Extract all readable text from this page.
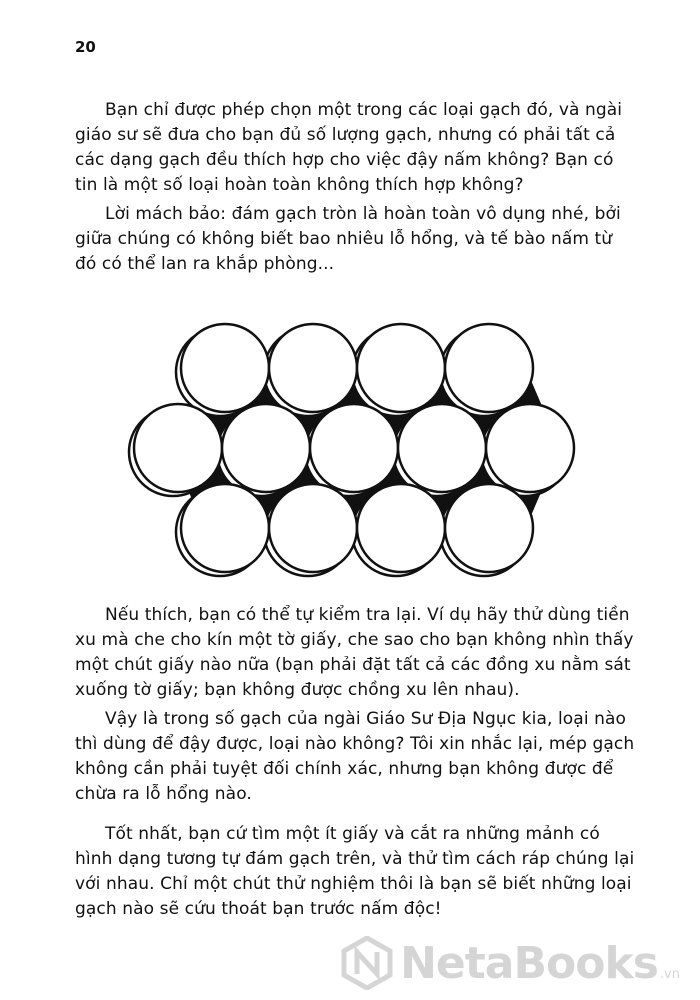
20

Bạn chỉ được phép chọn một trong các loại gạch đó, và ngài giáo sư sẽ đưa cho bạn đủ số lượng gạch, nhưng có phải tất cả các dạng gạch đều thích hợp cho việc đậy nấm không? Bạn có tin là một số loại hoàn toàn không thích hợp không?

Lời mách bảo: đám gạch tròn là hoàn toàn vô dụng nhé, bởi giữa chúng có không biết bao nhiêu lỗ hổng, và tế bào nấm từ đó có thể lan ra khắp phòng...

Nếu thích, bạn có thể tự kiểm tra lại. Ví dụ hãy thử dùng tiền xu mà che cho kín một tờ giấy, che sao cho bạn không nhìn thấy một chút giấy nào nữa (bạn phải đặt tất cả các đồng xu nằm sát xuống tờ giấy; bạn không được chồng xu lên nhau).

Vậy là trong số gạch của ngài Giáo Sư Địa Ngục kia, loại nào thì dùng để đậy được, loại nào không? Tôi xin nhắc lại, mép gạch không cần phải tuyệt đối chính xác, nhưng bạn không được để chừa ra lỗ hổng nào.

Tốt nhất, bạn cứ tìm một ít giấy và cắt ra những mảnh có hình dạng tương tự đám gạch trên, và thử tìm cách ráp chúng lại với nhau. Chỉ một chút thử nghiệm thôi là bạn sẽ biết những loại gạch nào sẽ cứu thoát bạn trước nấm độc!

NetaBooks .vn
